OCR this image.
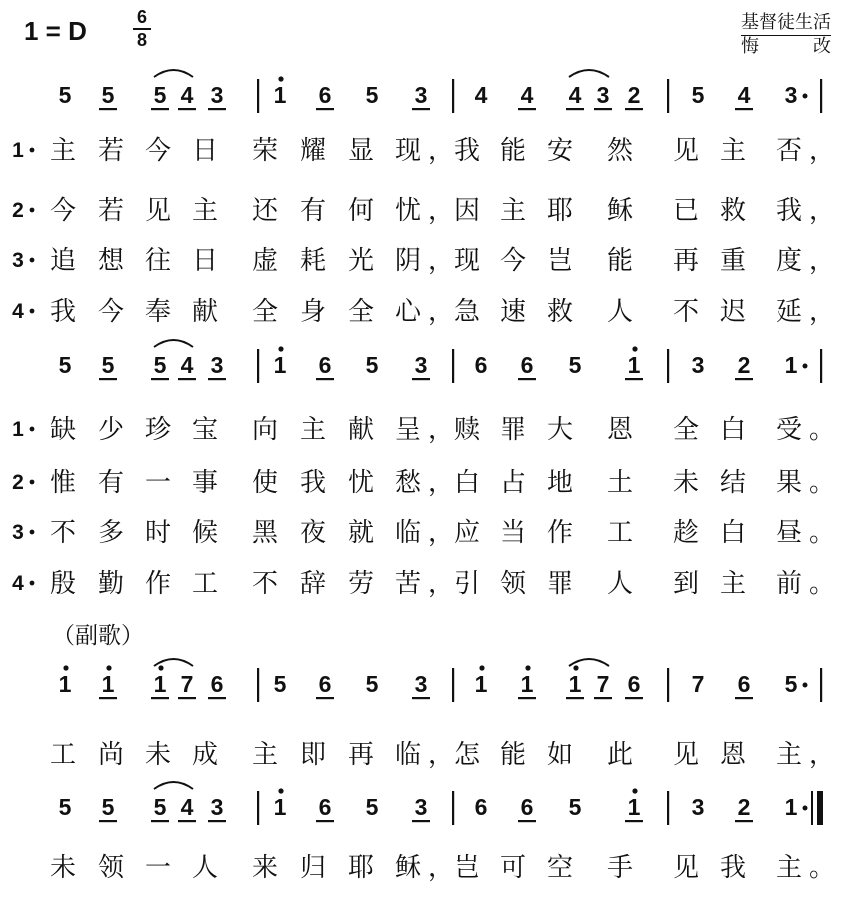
1 = D	6
8
基督徒生活
悔 改
5 5 5 4 3 1 6 5 3 4 4 4 3 2 5 4 3
5 5 5 4 3 1 6 5 3 6 6 5 1 3 2 1
1 1 1 7 6 5 6 5 3 1 1 1 7 6 7 6 5
5 5 5 4 3 1 6 5 3 6 6 5 1 3 2 1
1 主 若 今 日 荣 耀 显 现 ， 我 能 安 然 见 主 否 ，
2 今 若 见 主 还 有 何 忧 ， 因 主 耶 稣 已 救 我 ，
3 追 想 往 日 虚 耗 光 阴 ， 现 今 岂 能 再 重 度 ，
4 我 今 奉 献 全 身 全 心 ， 急 速 救 人 不 迟 延 ，
1 缺 少 珍 宝 向 主 献 呈 ， 赎 罪 大 恩 全 白 受 。
2 惟 有 一 事 使 我 忧 愁 ， 白 占 地 土 未 结 果 。
3 不 多 时 候 黑 夜 就 临 ， 应 当 作 工 趁 白 昼 。
4 殷 勤 作 工 不 辞 劳 苦 ， 引 领 罪 人 到 主 前 。
工 尚 未 成 主 即 再 临 ， 怎 能 如 此 见 恩 主 ，
未 领 一 人 来 归 耶 稣 ， 岂 可 空 手 见 我 主 。
（副歌）
